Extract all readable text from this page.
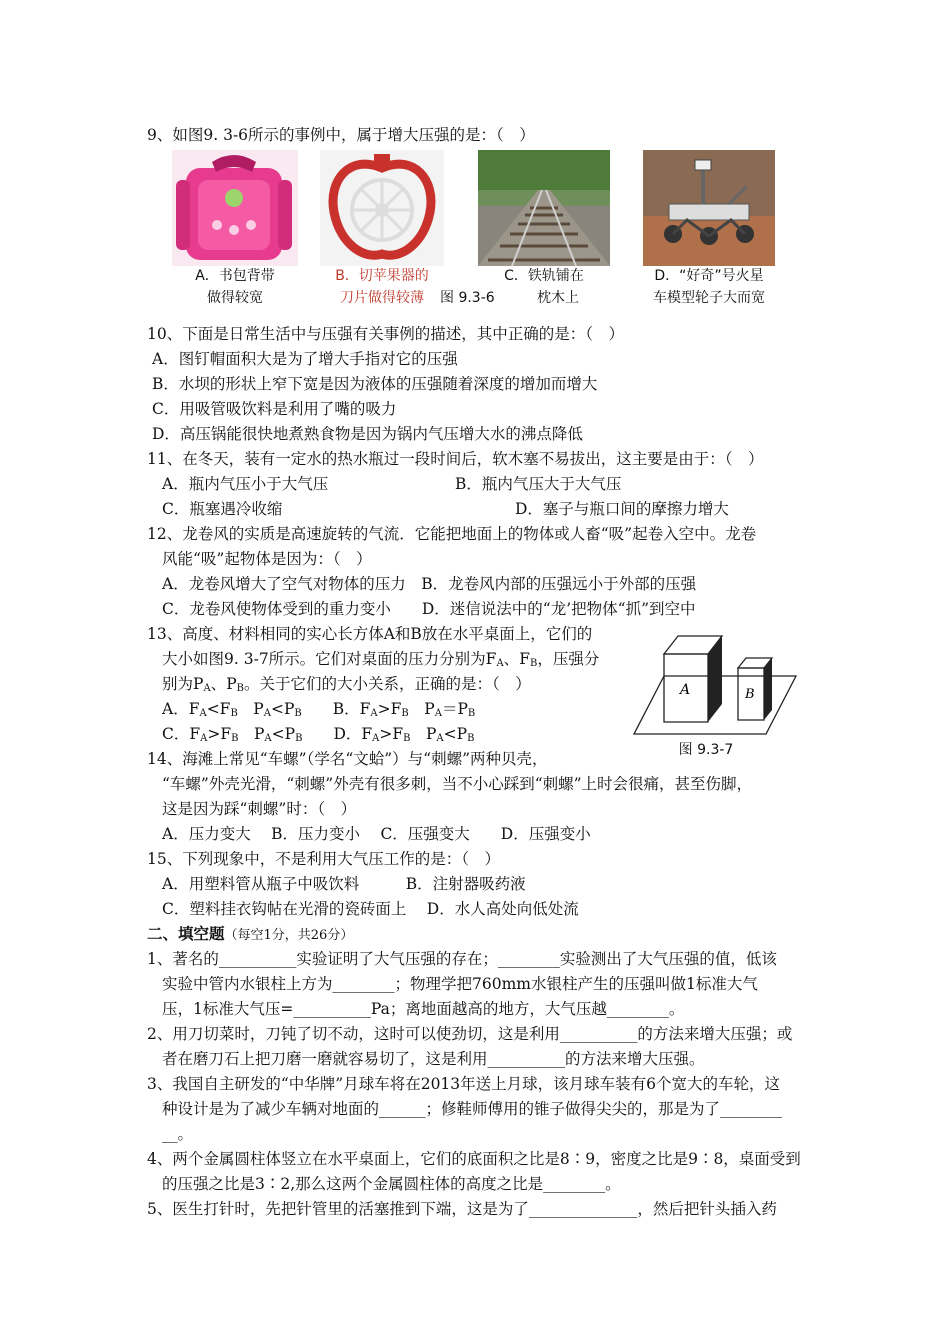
9、如图9. 3-6所示的事例中，属于增大压强的是：（　）
A．书包背带
做得较宽
B．切苹果器的
刀片做得较薄
C．铁轨铺在
枕木上
图 9.3-6
D．“好奇”号火星
车模型轮子大而宽
10、下面是日常生活中与压强有关事例的描述，其中正确的是：（　）
A．图钉帽面积大是为了增大手指对它的压强
B．水坝的形状上窄下宽是因为液体的压强随着深度的增加而增大
C．用吸管吸饮料是利用了嘴的吸力
D．高压锅能很快地煮熟食物是因为锅内气压增大水的沸点降低
11、在冬天，装有一定水的热水瓶过一段时间后，软木塞不易拔出，这主要是由于：（　）
A．瓶内气压小于大气压	B．瓶内气压大于大气压
C．瓶塞遇冷收缩	D．塞子与瓶口间的摩擦力增大
12、龙卷风的实质是高速旋转的气流．它能把地面上的物体或人畜“吸”起卷入空中。龙卷
风能“吸”起物体是因为：（　）
A．龙卷风增大了空气对物体的压力　B．龙卷风内部的压强远小于外部的压强
C．龙卷风使物体受到的重力变小　　D．迷信说法中的“龙’把物体“抓”到空中
13、高度、材料相同的实心长方体A和B放在水平桌面上，它们的
大小如图9. 3-7所示。它们对桌面的压力分别为$F_A$、$F_B$，压强分
别为$P_A$、$P_B$。关于它们的大小关系，正确的是：（　）
A．$F_A<F_B$　$P_A<P_B$　　 B．$F_A>F_B$　$P_A=P_B$
C．$F_A>F_B$　$P_A<P_B$　　 D．$F_A>F_B$　$P_A<P_B$
A	B
图 9.3-7
14、海滩上常见“车螺”（学名“文蛤”）与“刺螺”两种贝壳，
“车螺”外壳光滑，“刺螺”外壳有很多刺，当不小心踩到“刺螺”上时会很痛，甚至伤脚，
这是因为踩“刺螺”时：（　）
A．压力变大　 B．压力变小　 C．压强变大　　D．压强变小
15、下列现象中，不是利用大气压工作的是：（　）
A．用塑料管从瓶子中吸饮料　　　B．注射器吸药液
C．塑料挂衣钩帖在光滑的瓷砖面上　 D．水人高处向低处流
二、填空题（每空1分，共26分）
1、著名的__________实验证明了大气压强的存在；________实验测出了大气压强的值，低该
实验中管内水银柱上方为________；物理学把760mm水银柱产生的压强叫做1标准大气
压，1标准大气压=__________Pa；离地面越高的地方，大气压越________。
2、用刀切菜时，刀钝了切不动，这时可以使劲切，这是利用__________的方法来增大压强；或
者在磨刀石上把刀磨一磨就容易切了，这是利用__________的方法来增大压强。
3、我国自主研发的“中华牌”月球车将在2013年送上月球，该月球车装有6个宽大的车轮，这
种设计是为了减少车辆对地面的______；修鞋师傅用的锥子做得尖尖的，那是为了________
__。
4、两个金属圆柱体竖立在水平桌面上，它们的底面积之比是8∶9，密度之比是9∶8，桌面受到
的压强之比是3∶2,那么这两个金属圆柱体的高度之比是________。
5、医生打针时，先把针管里的活塞推到下端，这是为了______________，然后把针头插入药
